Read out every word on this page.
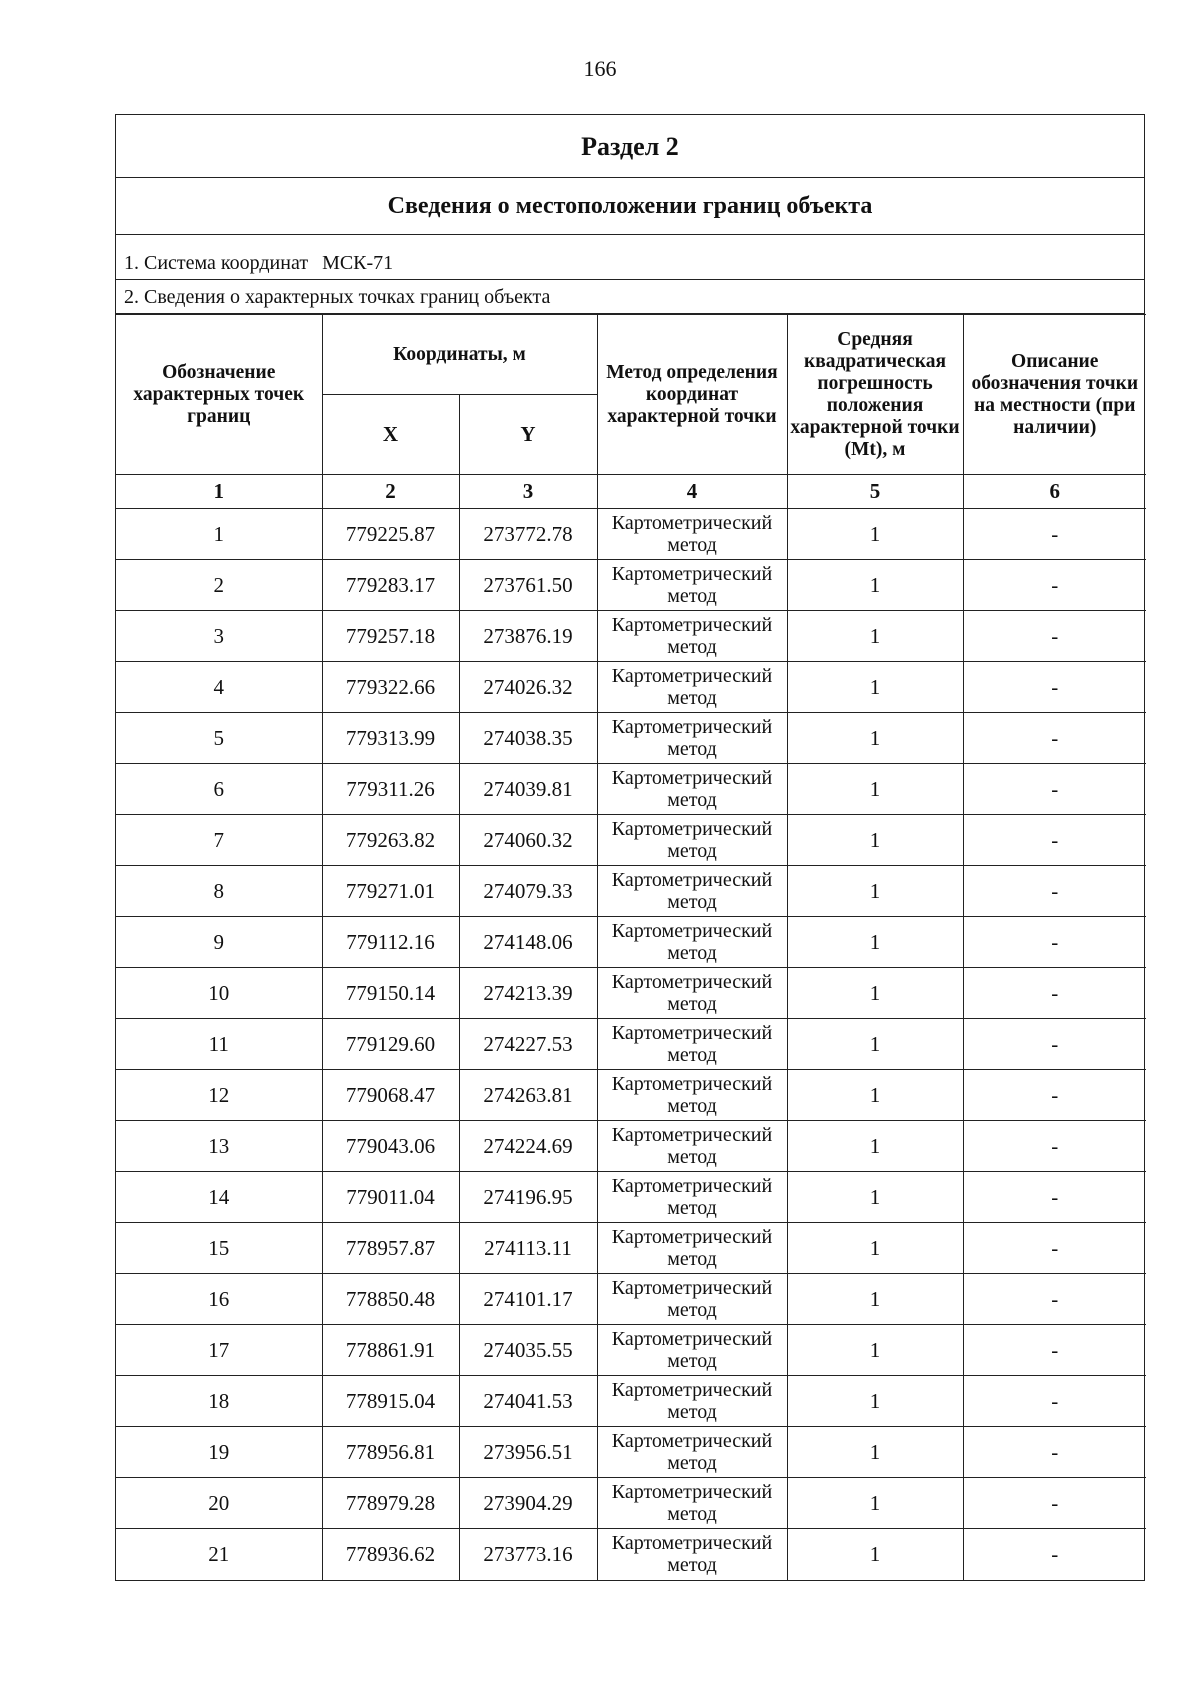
166
Раздел 2
Сведения о местоположении границ объекта
1. Система координат МСК-71
2. Сведения о характерных точках границ объекта
Обозначение характерных точек границ	Координаты, м		Метод определения координат характерной точки	Средняя квадратическая погрешность положения характерной точки (Mt), м	Описание обозначения точки на местности (при наличии)
	X	Y			
1	2	3	4	5	6
1	779225.87	273772.78	Картометрический метод	1	-
2	779283.17	273761.50	Картометрический метод	1	-
3	779257.18	273876.19	Картометрический метод	1	-
4	779322.66	274026.32	Картометрический метод	1	-
5	779313.99	274038.35	Картометрический метод	1	-
6	779311.26	274039.81	Картометрический метод	1	-
7	779263.82	274060.32	Картометрический метод	1	-
8	779271.01	274079.33	Картометрический метод	1	-
9	779112.16	274148.06	Картометрический метод	1	-
10	779150.14	274213.39	Картометрический метод	1	-
11	779129.60	274227.53	Картометрический метод	1	-
12	779068.47	274263.81	Картометрический метод	1	-
13	779043.06	274224.69	Картометрический метод	1	-
14	779011.04	274196.95	Картометрический метод	1	-
15	778957.87	274113.11	Картометрический метод	1	-
16	778850.48	274101.17	Картометрический метод	1	-
17	778861.91	274035.55	Картометрический метод	1	-
18	778915.04	274041.53	Картометрический метод	1	-
19	778956.81	273956.51	Картометрический метод	1	-
20	778979.28	273904.29	Картометрический метод	1	-
21	778936.62	273773.16	Картометрический метод	1	-
